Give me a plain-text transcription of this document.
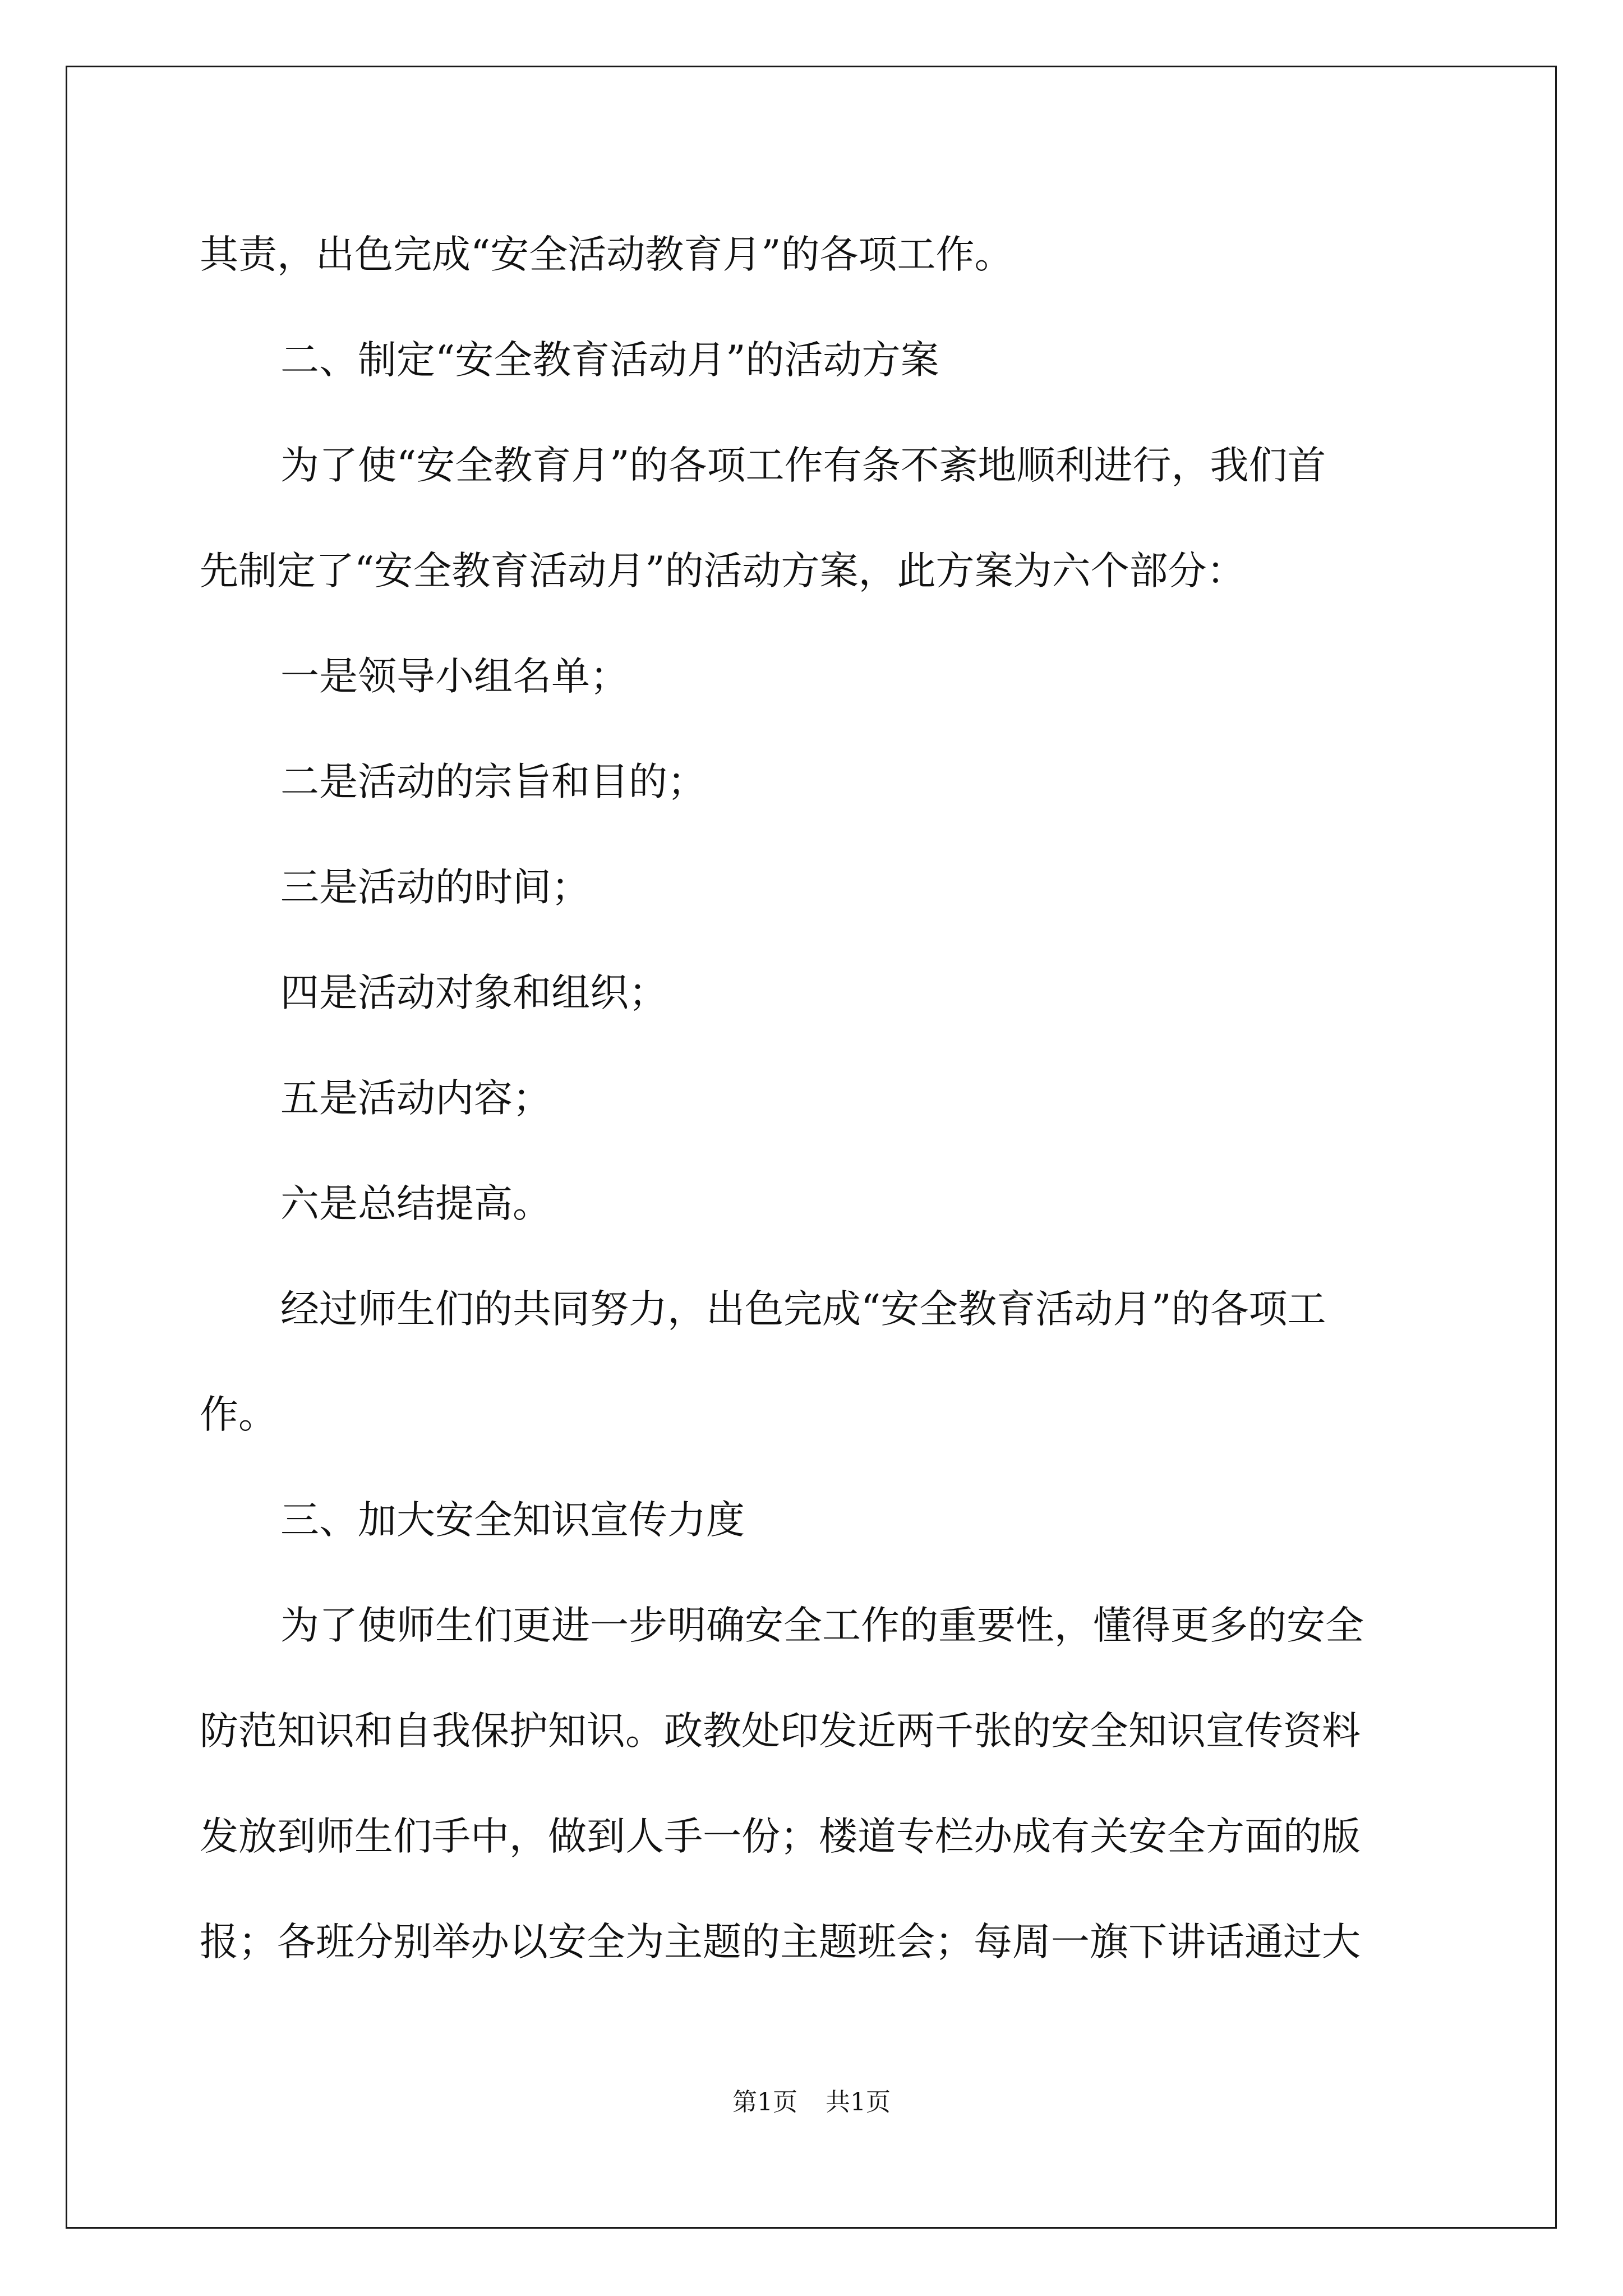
其责，出色完成“安全活动教育月”的各项工作。

二、制定“安全教育活动月”的活动方案

为了使“安全教育月”的各项工作有条不紊地顺利进行，我们首

先制定了“安全教育活动月”的活动方案，此方案为六个部分：

一是领导小组名单；

二是活动的宗旨和目的；

三是活动的时间；

四是活动对象和组织；

五是活动内容；

六是总结提高。

经过师生们的共同努力，出色完成“安全教育活动月”的各项工

作。

三、加大安全知识宣传力度

为了使师生们更进一步明确安全工作的重要性，懂得更多的安全

防范知识和自我保护知识。政教处印发近两千张的安全知识宣传资料

发放到师生们手中，做到人手一份；楼道专栏办成有关安全方面的版

报；各班分别举办以安全为主题的主题班会；每周一旗下讲话通过大

第1页 共1页
